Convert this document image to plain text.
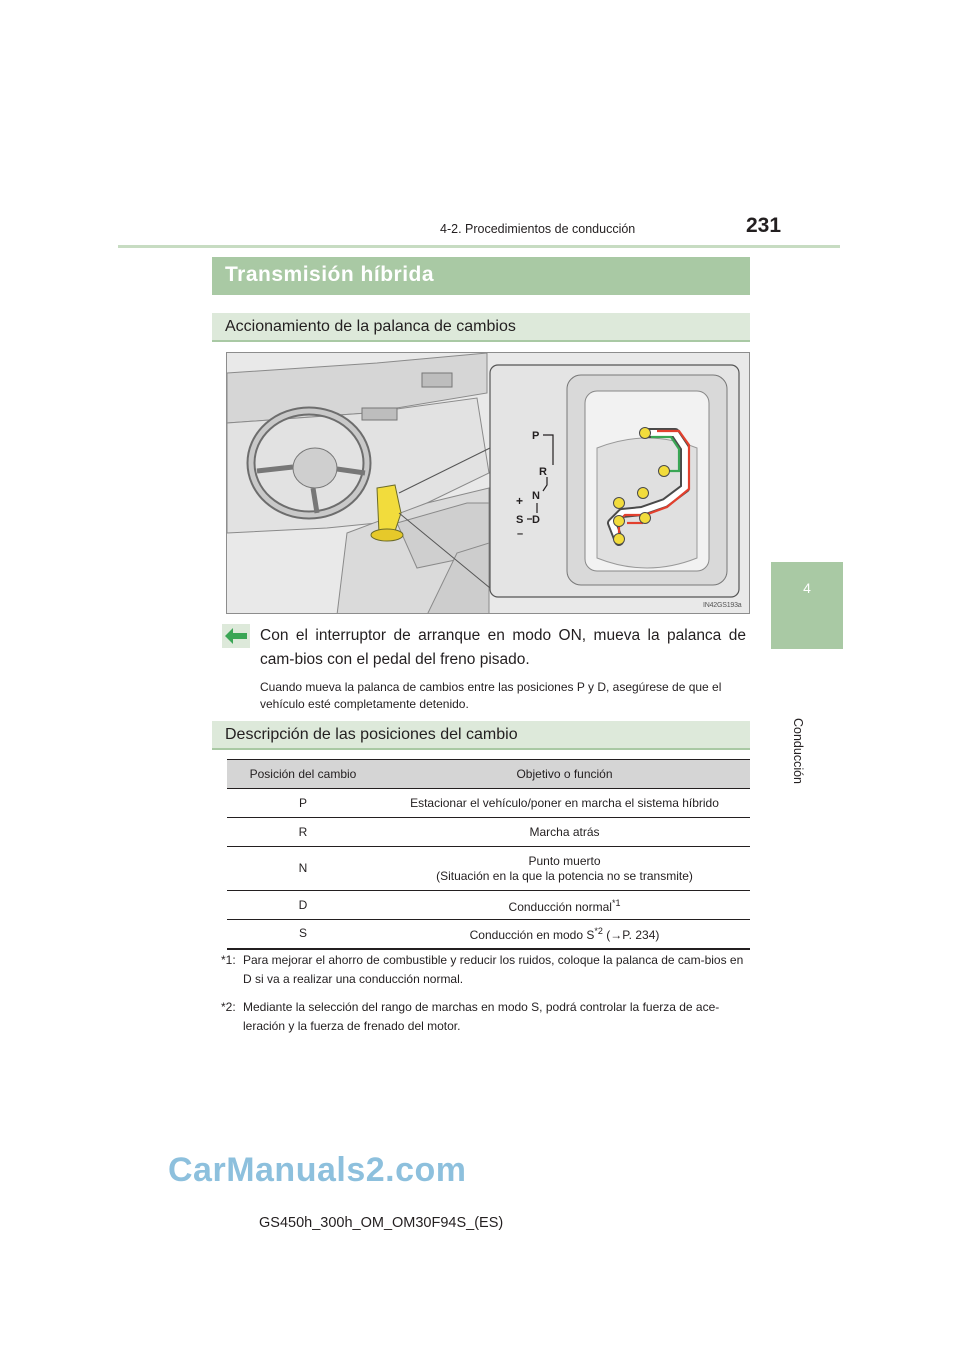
4-2. Procedimientos de conducción	231
4
Conducción
Transmisión híbrida
Accionamiento de la palanca de cambios
P
R
N
D
S
+
–
IN42GS193a
Con el interruptor de arranque en modo ON, mueva la palanca de cam-bios con el pedal del freno pisado.
Cuando mueva la palanca de cambios entre las posiciones P y D, asegúrese de que el vehículo esté completamente detenido.
Descripción de las posiciones del cambio
Posición del cambio	Objetivo o función
P	Estacionar el vehículo/poner en marcha el sistema híbrido
R	Marcha atrás
N	Punto muerto
(Situación en la que la potencia no se transmite)

D	Conducción normal$^{*1}$
S	Conducción en modo $S^{*2}$ (→P. 234)
*1: Para mejorar el ahorro de combustible y reducir los ruidos, coloque la palanca de cam-bios en D si va a realizar una conducción normal.
*2: Mediante la selección del rango de marchas en modo S, podrá controlar la fuerza de ace-leración y la fuerza de frenado del motor.
CarManuals2.com
GS450h_300h_OM_OM30F94S_(ES)
